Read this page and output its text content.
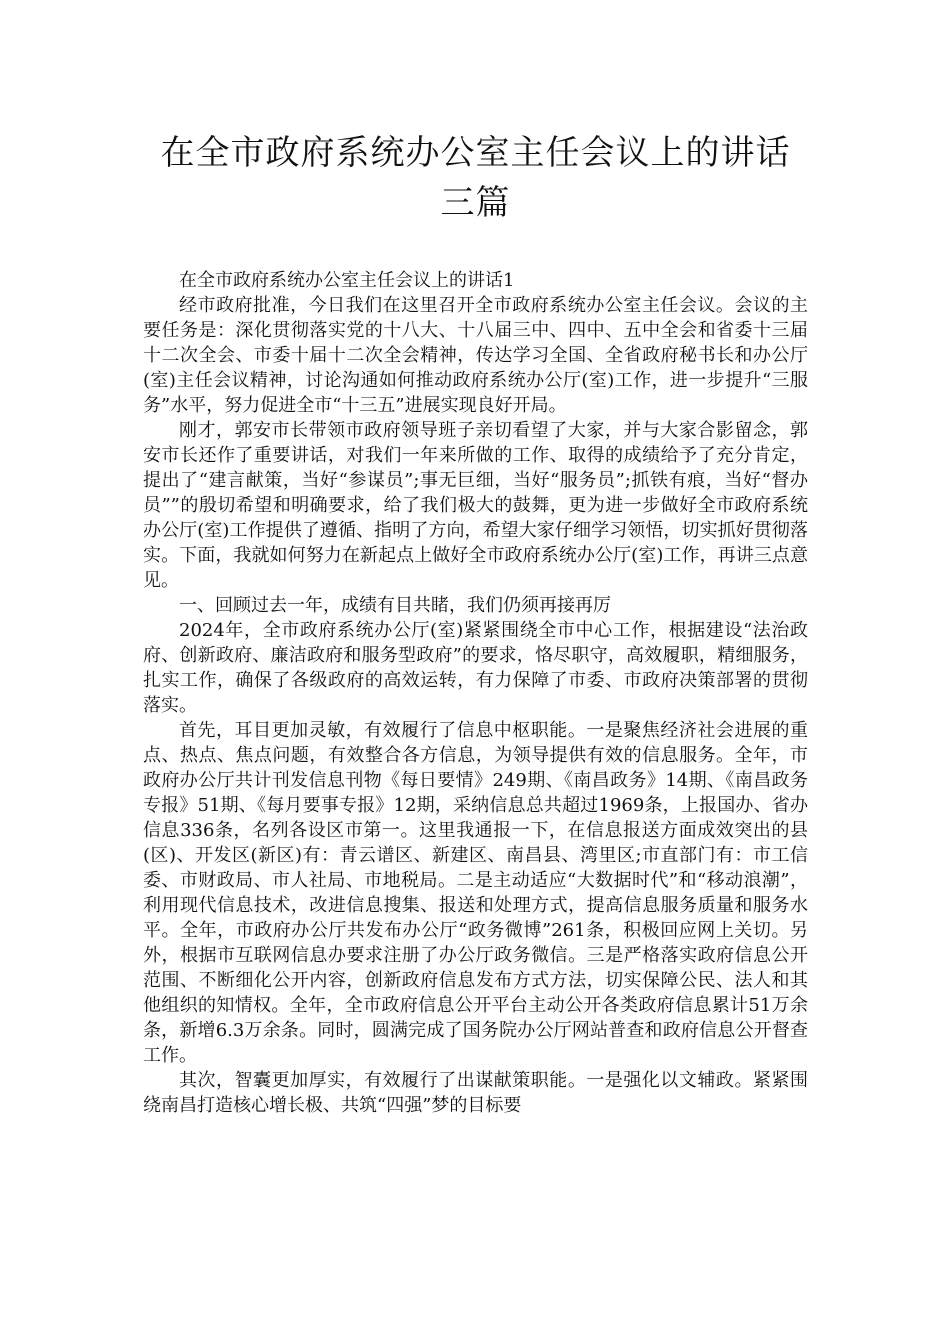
在全市政府系统办公室主任会议上的讲话
三篇

在全市政府系统办公室主任会议上的讲话1

经市政府批准，今日我们在这里召开全市政府系统办公室主任会议。会议的主要任务是：深化贯彻落实党的十八大、十八届三中、四中、五中全会和省委十三届十二次全会、市委十届十二次全会精神，传达学习全国、全省政府秘书长和办公厅(室)主任会议精神，讨论沟通如何推动政府系统办公厅(室)工作，进一步提升“三服务”水平，努力促进全市“十三五”进展实现良好开局。

刚才，郭安市长带领市政府领导班子亲切看望了大家，并与大家合影留念，郭安市长还作了重要讲话，对我们一年来所做的工作、取得的成绩给予了充分肯定，提出了“建言献策，当好“参谋员”;事无巨细，当好“服务员”;抓铁有痕，当好“督办员””的殷切希望和明确要求，给了我们极大的鼓舞，更为进一步做好全市政府系统办公厅(室)工作提供了遵循、指明了方向，希望大家仔细学习领悟，切实抓好贯彻落实。下面，我就如何努力在新起点上做好全市政府系统办公厅(室)工作，再讲三点意见。

一、回顾过去一年，成绩有目共睹，我们仍须再接再厉

2024年，全市政府系统办公厅(室)紧紧围绕全市中心工作，根据建设“法治政府、创新政府、廉洁政府和服务型政府”的要求，恪尽职守，高效履职，精细服务，扎实工作，确保了各级政府的高效运转，有力保障了市委、市政府决策部署的贯彻落实。

首先，耳目更加灵敏，有效履行了信息中枢职能。一是聚焦经济社会进展的重点、热点、焦点问题，有效整合各方信息，为领导提供有效的信息服务。全年，市政府办公厅共计刊发信息刊物《每日要情》249期、《南昌政务》14期、《南昌政务专报》51期、《每月要事专报》12期，采纳信息总共超过1969条，上报国办、省办信息336条，名列各设区市第一。这里我通报一下，在信息报送方面成效突出的县(区)、开发区(新区)有：青云谱区、新建区、南昌县、湾里区;市直部门有：市工信委、市财政局、市人社局、市地税局。二是主动适应“大数据时代”和“移动浪潮”，利用现代信息技术，改进信息搜集、报送和处理方式，提高信息服务质量和服务水平。全年，市政府办公厅共发布办公厅“政务微博”261条，积极回应网上关切。另外，根据市互联网信息办要求注册了办公厅政务微信。三是严格落实政府信息公开范围、不断细化公开内容，创新政府信息发布方式方法，切实保障公民、法人和其他组织的知情权。全年，全市政府信息公开平台主动公开各类政府信息累计51万余条，新增6.3万余条。同时，圆满完成了国务院办公厅网站普查和政府信息公开督查工作。

其次，智囊更加厚实，有效履行了出谋献策职能。一是强化以文辅政。紧紧围绕南昌打造核心增长极、共筑“四强”梦的目标要
